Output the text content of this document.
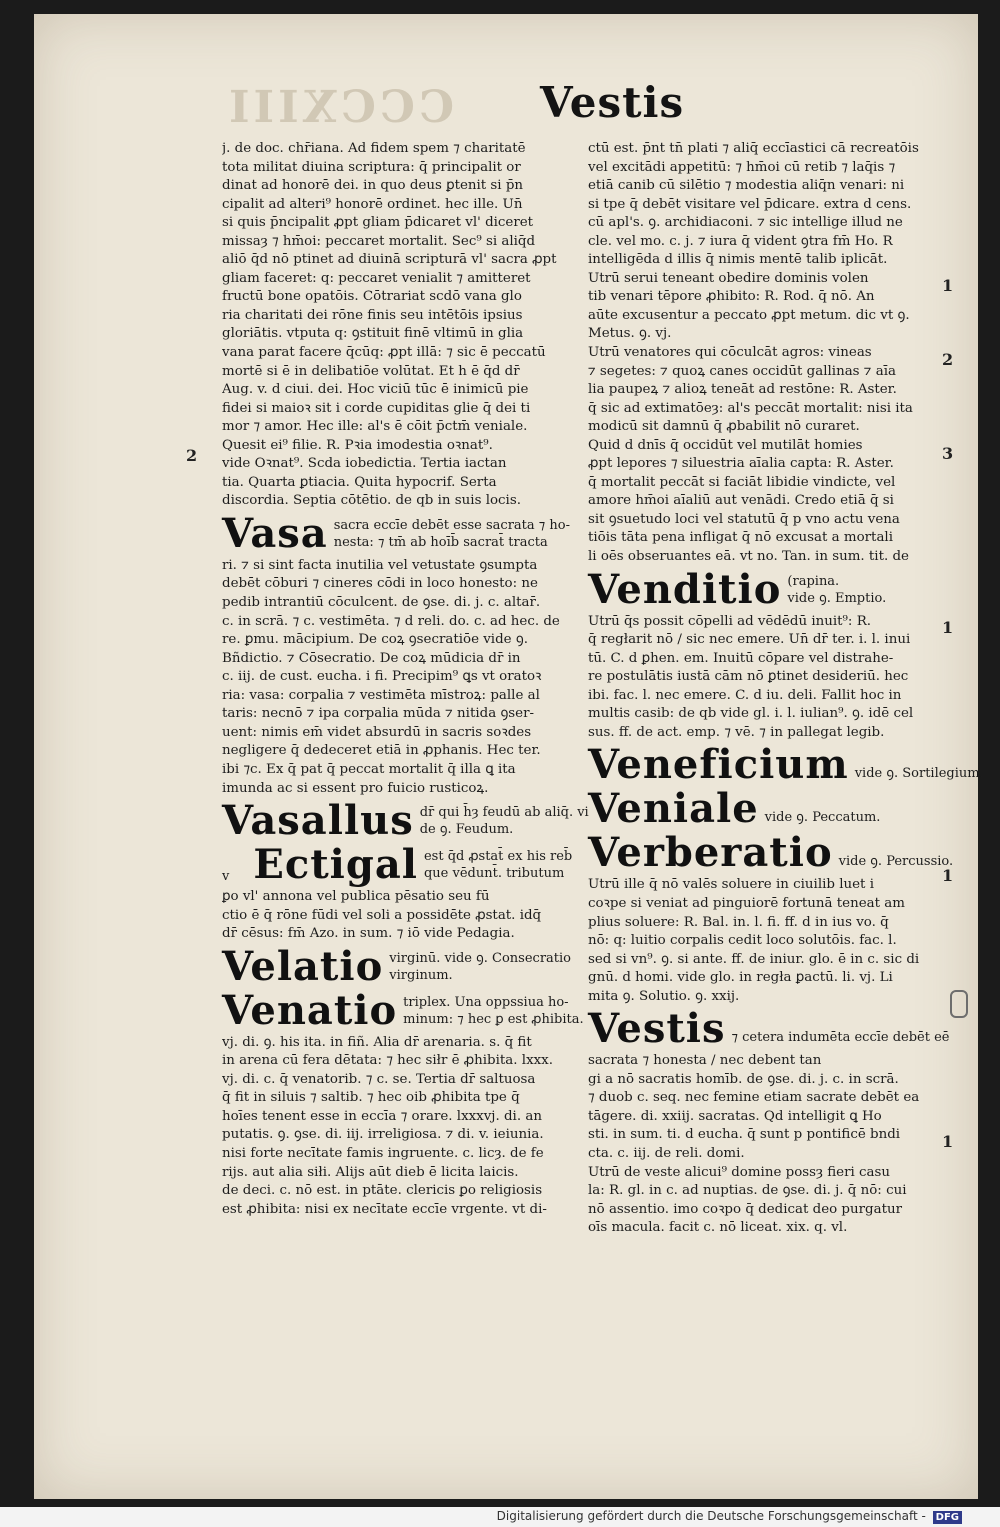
CCCXIII Vestis

j. de doc. chr̄iana. Ad fidem spem ⁊ charitatē

tota militat diuina scriptura: q̄ principalit̄ or

dinat̄ ad honorē dei. in quo deus ꝑtenit si p̄n

cipalit̄ ad alteri⁹ honorē ordinet̄. hec ille. Un̄

si quis p̄ncipalit̄ ꝓpt̄ gl̄iam p̄dicaret vl' diceret

missaȝ ⁊ hm̄oi: peccaret mortalit̄. Sec⁹ si aliq̄d

aliō q̄d nō ptinet ad diuinā scripturā vl' sacra ꝓpt̄

gl̄iam faceret: q: peccaret venialit̄ ⁊ amitteret

fructū bone opatōis. Cōtrariat̄ scdō vana glo

ria charitati dei rōne finis seu intētōis ipsius

gloriātis. vtputa q: ꝯstituit finē vltimū in glia

vana parat̄ facere q̄cūq: ꝓpt̄ illā: ⁊ sic ē peccatū

mortē si ē in delibatiōe volūtat. Et h̄ ē q̄d dr̄

Aug. v. d̄ ciui. dei. Hoc viciū tūc ē inimicū pie

fidei si maioꝛ sit i corde cupiditas gl̄ie q̄ dei ti

mor ⁊ amor. Hec ille: al's ē cōit p̄ctm̄ veniale.

Quesit ei⁹ filie. R. Pꝛia imodestia oꝛnat⁹.

vide Oꝛnat⁹. Scd̄a iobedictia. Tertia iactan

tia. Quarta ꝑtiacia. Quita hypocrif. Serta

discordia. Septia cōtētio. de qb̄ in suis locis.

Vasa sacra eccīe debēt esse sacrata ⁊ ho-
nesta: ⁊ tm̄ ab hoīb̄ sacrat̄ tracta

ri. ⁊ si sint facta inutilia vel vetustate ꝯsumpta

debēt cōburi ⁊ cineres cōdi in loco honesto: ne

pedib̄ intrantiū cōculcent̄. de ꝯse. di. j. c. altar̄.

c. in scrā. ⁊ c. vestimēta. ⁊ d̄ reli. do. c. ad hec. de

re. ꝑmu. mācipium. De coꝝ ꝯsecratiōe vide ꝯ.

Bñdictio. ⁊ Cōsecratio. De coꝝ mūdicia dr̄ in

c. iij. de cust. eucha. i fi. Precipim⁹ ꝗs vt oratoꝛ

ria: vasa: corpalia ⁊ vestimēta mīstroꝝ: palle al

taris: necnō ⁊ ipa corpalia mūda ⁊ nitida ꝯser-

uent̄: nimis em̄ videt̄ absurdū in sacris soꝛdes

negligere q̄ dedeceret etiā in ꝓphanis. Hec ter.

ibi ⁊c. Ex q̄ pat̄ q̄ peccat mortalit̄ q̄ illa ꝗ ita

imunda ac si essent pro fuicio rusticoꝝ.

Vasallus dr̄ qui h̄ȝ feudū ab aliq̄. vi
de ꝯ. Feudum.
v Ectigal est q̄d ꝓstat̄ ex his reb̄
que vēdunt̄. tributum

ꝑo vl' annona vel publica pēsatio seu fū

ctio ē q̄ rōne fūdi vel soli a possidēte ꝓstat̄. idq̄

dr̄ cēsus: fm̄ Azo. in sum. ⁊ iō vide Pedagia.

Velatio virginū. vide ꝯ. Consecratio
virginum.
Venatio triplex. Una oppssiua ho-
minum: ⁊ hec ꝑ est ꝓhibita.

vj. di. ꝯ. his ita. in fiñ. Alia dr̄ arenaria. s. q̄ fit

in arena cū fera dētata: ⁊ hec siłr ē ꝓhibita. lxxx.

vj. di. c. q̄ venatorib̄. ⁊ c. se. Tertia dr̄ saltuosa

q̄ fit in siluis ⁊ saltib̄. ⁊ hec oib̄ ꝓhibita tpe q̄

hoīes tenent̄ esse in eccīa ⁊ orare. lxxxvj. di. an

putatis. ꝯ. ꝯse. di. iij. irreligiosa. ⁊ di. v. ieiunia.

nisi forte necītate famis ingruente. c. licȝ. de fe

rijs. aut alia siłi. Alijs aūt dieb̄ ē licita laicis.

de deci. c. nō est. in ptāte. clericis ꝑo religiosis

est ꝓhibita: nisi ex necītate eccīe vrgente. vt di-

ctū est. p̄nt tn̄ plati ⁊ aliq̄ eccīastici cā recreatōis

vel excitādi appetitū: ⁊ hm̄oi cū retib̄ ⁊ laq̄is ⁊

etiā canib̄ cū silētio ⁊ modestia aliq̄n venari: ni

si tpe q̄ debēt visitare vel p̄dicare. extra d̄ cens.

cū apl's. ꝯ. archidiaconi. ⁊ sic intellige illud ne

cle. vel mo. c. j. ⁊ iura q̄ vident̄ ꝯtra fm̄ Ho. R

intelligēda d̄ illis q̄ nimis mentē talib̄ iplicāt.

Utrū serui teneant̄ obedire dominis volen

tib̄ venari tēpore ꝓhibito: R. Rod. q̄ nō. An

aūte excusentur a peccato ꝓpt̄ metum. dic vt ꝯ.

Metus. ꝯ. vj.

Utrū venatores qui cōculcāt agros: vineas

⁊ segetes: ⁊ quoꝝ canes occidūt gallinas ⁊ aīa

lia paupeꝝ ⁊ alioꝝ teneāt ad restōne: R. Aster.

q̄ sic ad extimatōeȝ: al's peccāt mortalit̄: nisi ita

modicū sit damnū q̄ ꝓbabilit̄ nō curaret.

Quid d̄ dnīs q̄ occidūt vel mutilāt homies

ꝓpt̄ lepores ⁊ siluestria aīalia capta: R. Aster.

q̄ mortalit̄ peccāt si faciāt libidie vindicte, vel

amore hm̄oi aīaliū aut venādi. Credo etiā q̄ si

sit ꝯsuetudo loci vel statutū q̄ p vno actu vena

tiōis tāta pena infligat̄ q̄ nō excusat a mortali

li oēs obseruantes eā. vt no. Tan. in sum. tit. de

Venditio (rapina.
vide ꝯ. Emptio.

Utrū q̄s possit cōpelli ad vēdēdū inuit⁹: R.

q̄ regłarit̄ nō / sic nec emere. Un̄ dr̄ ter. i. l. inui

tū. C. d̄ ꝑhen. em. Inuitū cōpare vel distrahe-

re postulātis iustā cām nō ꝑtinet desideriū. hec

ibi. fac. l. nec emere. C. d̄ iu. deli. Fallit hoc in

multis casib̄: de qb̄ vide gl. i. l. iulian⁹. ꝯ. idē cel

sus. ff. de act. emp. ⁊ vē. ⁊ in pallegat̄ legib̄.

Veneficium vide ꝯ. Sortilegium.
Veniale vide ꝯ. Peccatum.
Verberatio vide ꝯ. Percussio.

Utrū ille q̄ nō valēs soluere in ciuilib̄ luet i

coꝛpe si veniat ad pinguiorē fortunā teneat̄ am

plius soluere: R. Bal. in. l. fi. ff. d̄ in ius vo. q̄

nō: q: luitio corpalis cedit loco solutōis. fac. l.

sed si vn⁹. ꝯ. si ante. ff. de iniur. glo. ē in c. sic di

gnū. d̄ homi. vide glo. in regła ꝑactū. li. vj. Li

mita ꝯ. Solutio. ꝯ. xxij.

Vestis ⁊ cetera indumēta eccīe debēt eē

sacrata ⁊ honesta / nec debent tan

gi a nō sacratis homīb̄. de ꝯse. di. j. c. in scrā.

⁊ duob̄ c. seq. nec femine etiam sacrate debēt ea

tāgere. di. xxiij. sacratas. Qd̄ intelligit̄ ꝗ Ho

sti. in sum. ti. d̄ eucha. q̄ sunt p pontificē bndi

cta. c. iij. de reli. domi.

Utrū de veste alicui⁹ domine possȝ fieri casu

la: R. gl. in c. ad nuptias. de ꝯse. di. j. q̄ nō: cui

nō assentio. imo coꝛpo q̄ dedicat̄ deo purgatur

oīs macula. facit c. nō liceat. xix. q. vl.

2
1
2
3
1
1
1
Digitalisierung gefördert durch die Deutsche Forschungsgemeinschaft - DFG
